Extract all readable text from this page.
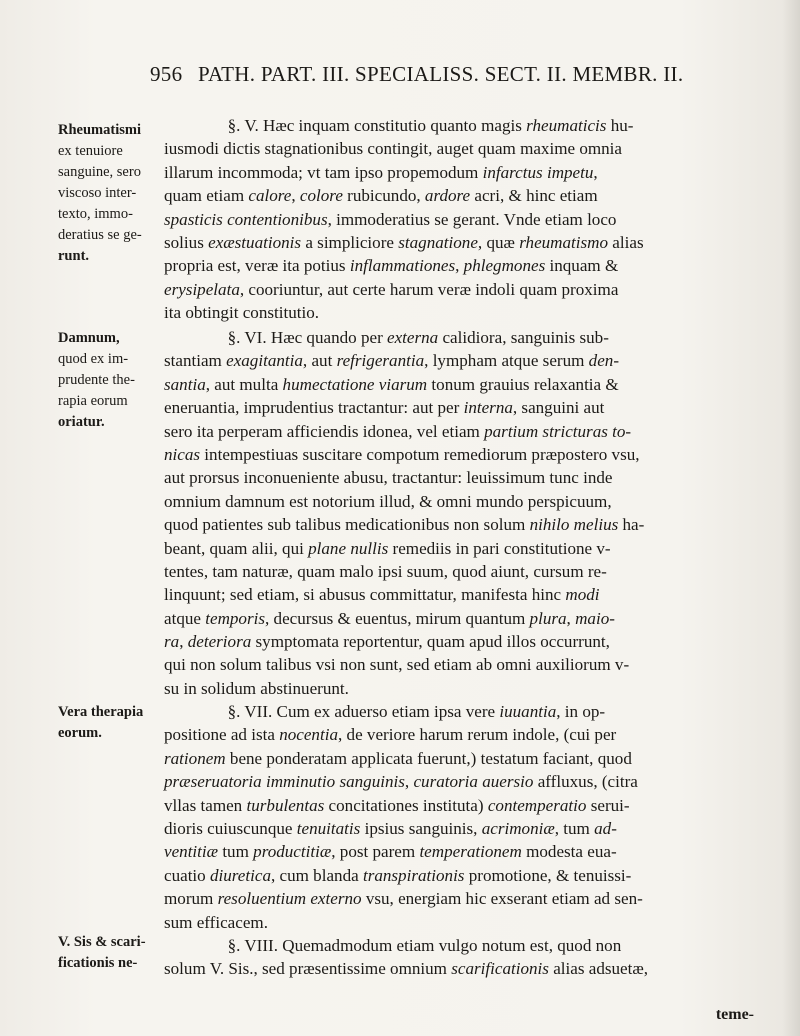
956 PATH. PART. III. SPECIALISS. SECT. II. MEMBR. II.
Rheumatismi
ex tenuiore
sanguine, sero
viscoso inter-
texto, immo-
deratius se ge-
runt.
Damnum,
quod ex im-
prudente the-
rapia eorum
oriatur.
Vera therapia
eorum.
V. Sis & scari-
ficationis ne-
§. V. Hæc inquam constitutio quanto magis rheumaticis hu-
iusmodi dictis stagnationibus contingit, auget quam maxime omnia
illarum incommoda; vt tam ipso propemodum infarctus impetu,
quam etiam calore, colore rubicundo, ardore acri, & hinc etiam
spasticis contentionibus, immoderatius se gerant. Vnde etiam loco
solius exæstuationis a simpliciore stagnatione, quæ rheumatismo alias
propria est, veræ ita potius inflammationes, phlegmones inquam &
erysipelata, cooriuntur, aut certe harum veræ indoli quam proxima
ita obtingit constitutio.
§. VI. Hæc quando per externa calidiora, sanguinis sub-
stantiam exagitantia, aut refrigerantia, lympham atque serum den-
santia, aut multa humectatione viarum tonum grauius relaxantia &
eneruantia, imprudentius tractantur: aut per interna, sanguini aut
sero ita perperam afficiendis idonea, vel etiam partium stricturas to-
nicas intempestiuas suscitare compotum remediorum præpostero vsu,
aut prorsus inconueniente abusu, tractantur: leuissimum tunc inde
omnium damnum est notorium illud, & omni mundo perspicuum,
quod patientes sub talibus medicationibus non solum nihilo melius ha-
beant, quam alii, qui plane nullis remediis in pari constitutione v-
tentes, tam naturæ, quam malo ipsi suum, quod aiunt, cursum re-
linquunt; sed etiam, si abusus committatur, manifesta hinc modi
atque temporis, decursus & euentus, mirum quantum plura, maio-
ra, deteriora symptomata reportentur, quam apud illos occurrunt,
qui non solum talibus vsi non sunt, sed etiam ab omni auxiliorum v-
su in solidum abstinuerunt.
§. VII. Cum ex aduerso etiam ipsa vere iuuantia, in op-
positione ad ista nocentia, de veriore harum rerum indole, (cui per
rationem bene ponderatam applicata fuerunt,) testatum faciant, quod
præseruatoria imminutio sanguinis, curatoria auersio affluxus, (citra
vllas tamen turbulentas concitationes instituta) contemperatio serui-
dioris cuiuscunque tenuitatis ipsius sanguinis, acrimoniæ, tum ad-
ventitiæ tum productitiæ, post parem temperationem modesta eua-
cuatio diuretica, cum blanda transpirationis promotione, & tenuissi-
morum resoluentium externo vsu, energiam hic exserant etiam ad sen-
sum efficacem.
§. VIII. Quemadmodum etiam vulgo notum est, quod non
solum V. Sis., sed præsentissime omnium scarificationis alias adsuetæ,
teme-
